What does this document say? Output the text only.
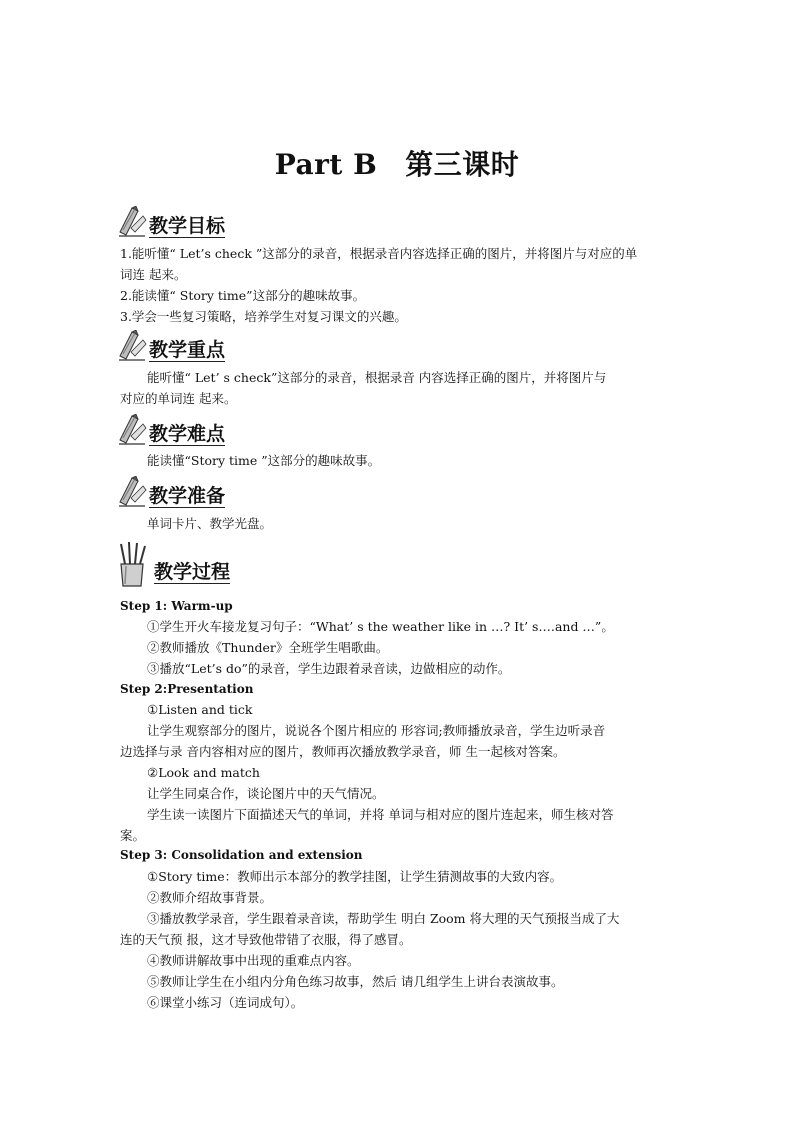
Part B 第三课时
教学目标
1.能听懂“ Let’s check ”这部分的录音，根据录音内容选择正确的图片，并将图片与对应的单
词连 起来。
2.能读懂“ Story time”这部分的趣味故事。
3.学会一些复习策略，培养学生对复习课文的兴趣。
教学重点
能听懂“ Let’ s check”这部分的录音，根据录音 内容选择正确的图片，并将图片与
对应的单词连 起来。
教学难点
能读懂“Story time ”这部分的趣味故事。
教学准备
单词卡片、教学光盘。
教学过程
Step 1: Warm-up
①学生开火车接龙复习句子：“What’ s the weather like in …? It’ s.…and …”。
②教师播放《Thunder》全班学生唱歌曲。
③播放“Let’s do”的录音，学生边跟着录音读，边做相应的动作。
Step 2:Presentation
①Listen and tick
让学生观察部分的图片，说说各个图片相应的 形容词;教师播放录音，学生边听录音
边选择与录 音内容相对应的图片，教师再次播放教学录音，师 生一起核对答案。
②Look and match
让学生同桌合作，谈论图片中的天气情况。
学生读一读图片下面描述天气的单词，并将 单词与相对应的图片连起来，师生核对答
案。
Step 3: Consolidation and extension
①Story time：教师出示本部分的教学挂图，让学生猜测故事的大致内容。
②教师介绍故事背景。
③播放教学录音，学生跟着录音读，帮助学生 明白 Zoom 将大理的天气预报当成了大
连的天气预 报，这才导致他带错了衣服，得了感冒。
④教师讲解故事中出现的重难点内容。
⑤教师让学生在小组内分角色练习故事，然后 请几组学生上讲台表演故事。
⑥课堂小练习（连词成句）。
